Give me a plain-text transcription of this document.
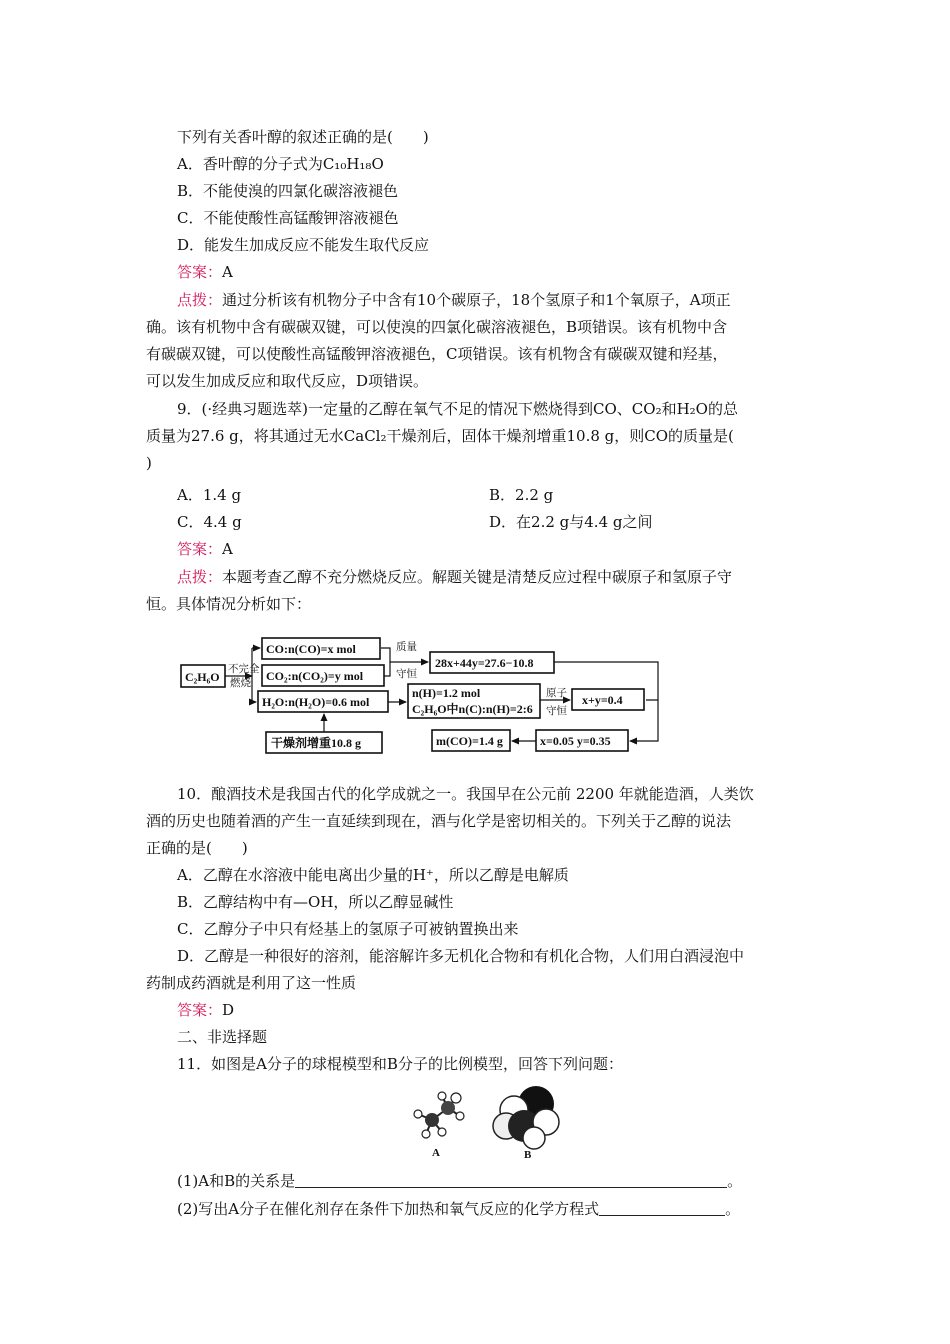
下列有关香叶醇的叙述正确的是(　　)
A．香叶醇的分子式为C₁₀H₁₈O
B．不能使溴的四氯化碳溶液褪色
C．不能使酸性高锰酸钾溶液褪色
D．能发生加成反应不能发生取代反应
答案：A
点拨：通过分析该有机物分子中含有10个碳原子，18个氢原子和1个氧原子，A项正
确。该有机物中含有碳碳双键，可以使溴的四氯化碳溶液褪色，B项错误。该有机物中含
有碳碳双键，可以使酸性高锰酸钾溶液褪色，C项错误。该有机物含有碳碳双键和羟基，
可以发生加成反应和取代反应，D项错误。
9．(·经典习题选萃)一定量的乙醇在氧气不足的情况下燃烧得到CO、CO₂和H₂O的总
质量为27.6 g，将其通过无水CaCl₂干燥剂后，固体干燥剂增重10.8 g，则CO的质量是(
)
A．1.4 g	B．2.2 g
C．4.4 g	D．在2.2 g与4.4 g之间
答案：A
点拨：本题考查乙醇不充分燃烧反应。解题关键是清楚反应过程中碳原子和氢原子守
恒。具体情况分析如下：
C₂H₆O
CO:n(CO)=x mol
CO₂:n(CO₂)=y mol
H₂O:n(H₂O)=0.6 mol
干燥剂增重10.8 g
28x+44y=27.6−10.8
n(H)=1.2 mol
C₂H₆O中n(C):n(H)=2:6
x+y=0.4
m(CO)=1.4 g	x=0.05 y=0.35
不完全
燃烧
质量
守恒
原子
守恒
10．酿酒技术是我国古代的化学成就之一。我国早在公元前 2200 年就能造酒，人类饮
酒的历史也随着酒的产生一直延续到现在，酒与化学是密切相关的。下列关于乙醇的说法
正确的是(　　)
A．乙醇在水溶液中能电离出少量的H⁺，所以乙醇是电解质
B．乙醇结构中有—OH，所以乙醇显碱性
C．乙醇分子中只有烃基上的氢原子可被钠置换出来
D．乙醇是一种很好的溶剂，能溶解许多无机化合物和有机化合物，人们用白酒浸泡中
药制成药酒就是利用了这一性质
答案：D
二、非选择题
11．如图是A分子的球棍模型和B分子的比例模型，回答下列问题：
A	B
(1)A和B的关系是	。
(2)写出A分子在催化剂存在条件下加热和氧气反应的化学方程式	。
